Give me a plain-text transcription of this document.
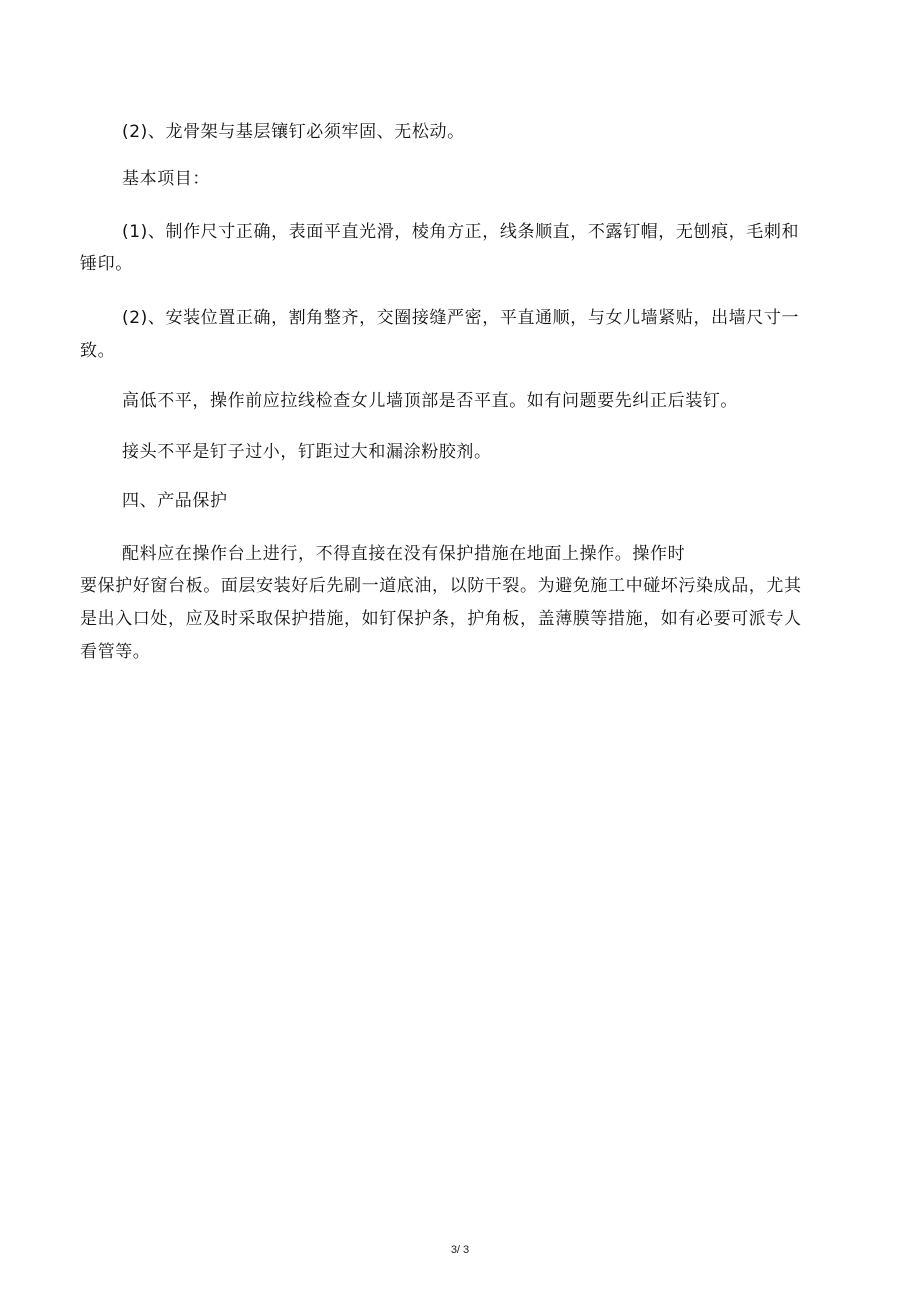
(2)、龙骨架与基层镶钉必须牢固、无松动。
基本项目：
(1)、制作尺寸正确，表面平直光滑，棱角方正，线条顺直，不露钉帽，无刨痕，毛刺和
锤印。
(2)、安装位置正确，割角整齐，交圈接缝严密，平直通顺，与女儿墙紧贴，出墙尺寸一
致。
高低不平，操作前应拉线检查女儿墙顶部是否平直。如有问题要先纠正后装钉。
接头不平是钉子过小，钉距过大和漏涂粉胶剂。
四、产品保护
配料应在操作台上进行，不得直接在没有保护措施在地面上操作。操作时
要保护好窗台板。面层安装好后先刷一道底油，以防干裂。为避免施工中碰坏污染成品，尤其
是出入口处，应及时采取保护措施，如钉保护条，护角板，盖薄膜等措施，如有必要可派专人
看管等。
3/ 3
